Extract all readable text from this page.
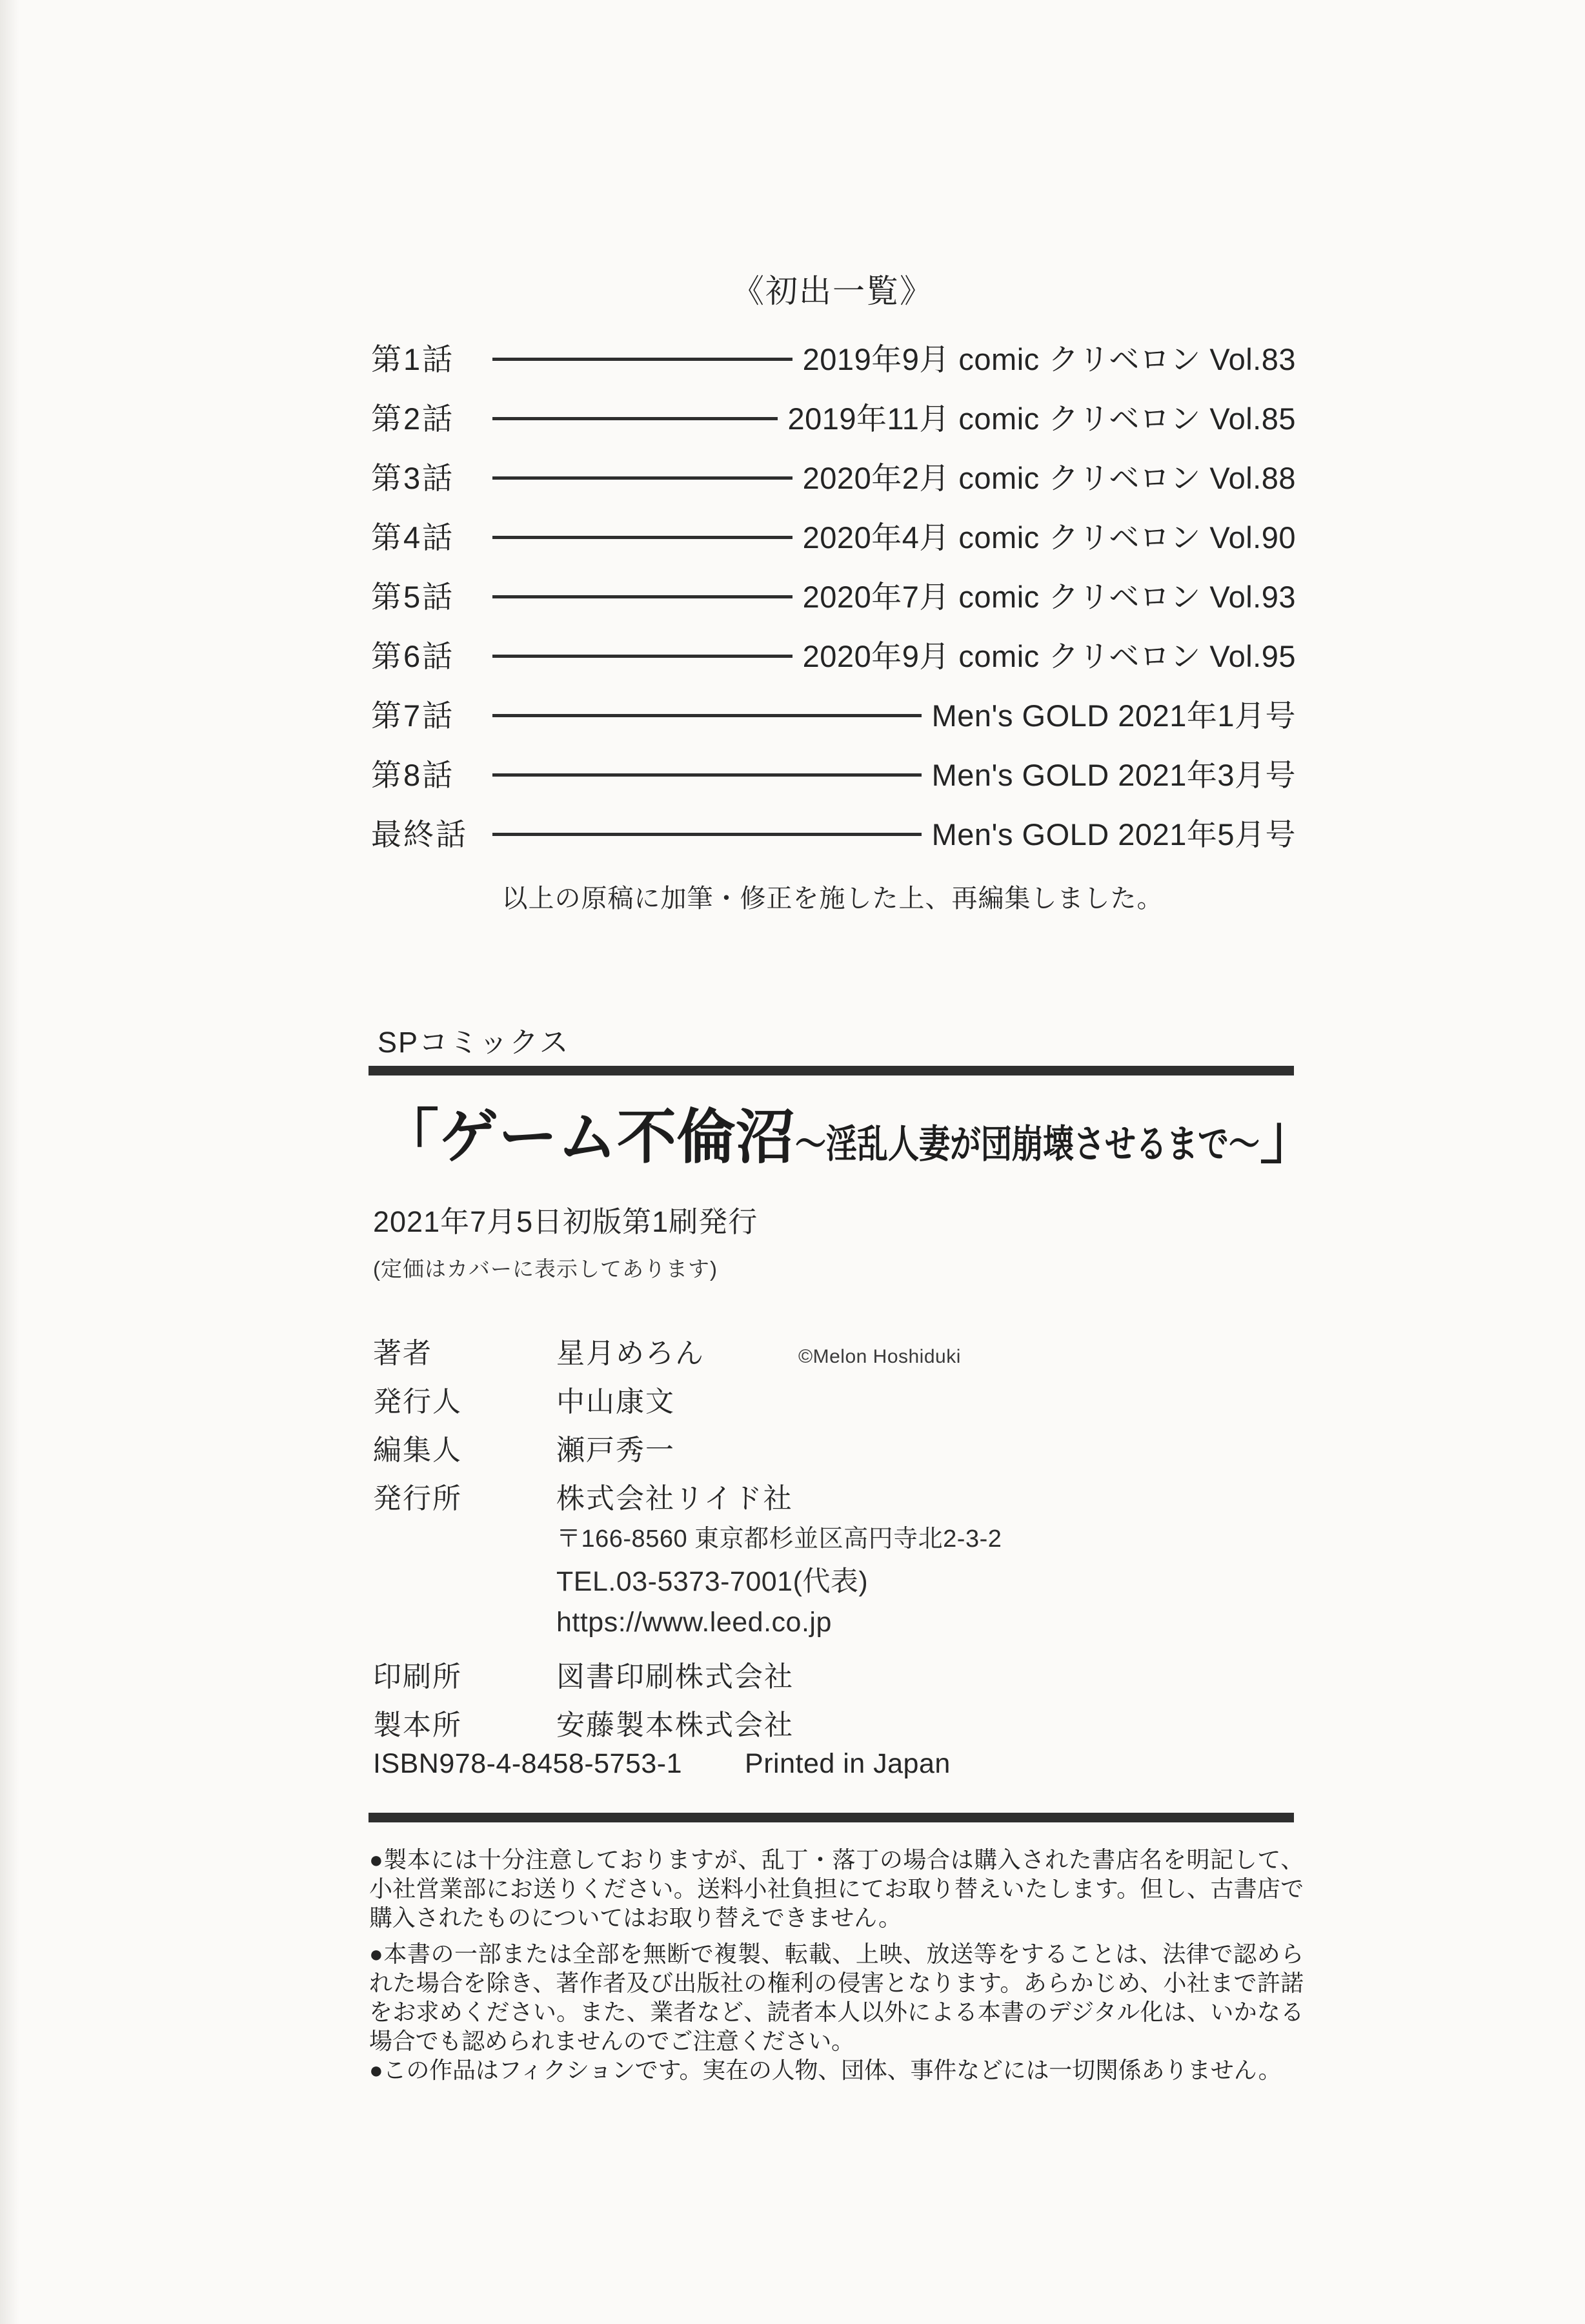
《初出一覧》
第1話	2019年9月 comic クリベロン Vol.83
第2話	2019年11月 comic クリベロン Vol.85
第3話	2020年2月 comic クリベロン Vol.88
第4話	2020年4月 comic クリベロン Vol.90
第5話	2020年7月 comic クリベロン Vol.93
第6話	2020年9月 comic クリベロン Vol.95
第7話	Men's GOLD 2021年1月号
第8話	Men's GOLD 2021年3月号
最終話	Men's GOLD 2021年5月号
以上の原稿に加筆・修正を施した上、再編集しました。
SPコミックス
「ゲーム不倫沼～淫乱人妻が団崩壊させるまで～」
2021年7月5日初版第1刷発行
(定価はカバーに表示してあります)
著者	星月めろん	©Melon Hoshiduki
発行人	中山康文
編集人	瀬戸秀一
発行所	株式会社リイド社
〒166-8560 東京都杉並区高円寺北2-3-2
TEL.03-5373-7001(代表)
https://www.leed.co.jp
印刷所	図書印刷株式会社
製本所	安藤製本株式会社
ISBN978-4-8458-5753-1 Printed in Japan

●製本には十分注意しておりますが、乱丁・落丁の場合は購入された書店名を明記して、小社営業部にお送りください。送料小社負担にてお取り替えいたします。但し、古書店で購入されたものについてはお取り替えできません。

●本書の一部または全部を無断で複製、転載、上映、放送等をすることは、法律で認められた場合を除き、著作者及び出版社の権利の侵害となります。あらかじめ、小社まで許諾をお求めください。また、業者など、読者本人以外による本書のデジタル化は、いかなる場合でも認められませんのでご注意ください。

●この作品はフィクションです。実在の人物、団体、事件などには一切関係ありません。
